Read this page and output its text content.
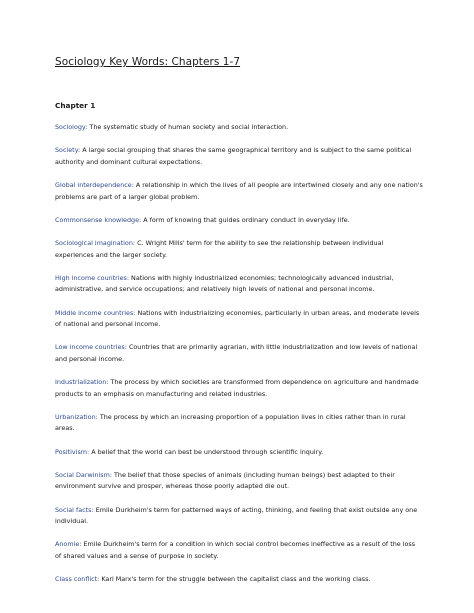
Sociology Key Words: Chapters 1-7
Chapter 1

Sociology: The systematic study of human society and social interaction.

Society: A large social grouping that shares the same geographical territory and is subject to the same political authority and dominant cultural expectations.

Global interdependence: A relationship in which the lives of all people are intertwined closely and any one nation's problems are part of a larger global problem.

Commonsense knowledge: A form of knowing that guides ordinary conduct in everyday life.

Sociological imagination: C. Wright Mills' term for the ability to see the relationship between individual experiences and the larger society.

High income countries: Nations with highly industrialized economies; technologically advanced industrial, administrative, and service occupations; and relatively high levels of national and personal income.

Middle income countries: Nations with industrializing economies, particularly in urban areas, and moderate levels of national and personal income.

Low income countries: Countries that are primarily agrarian, with little industrialization and low levels of national and personal income.

Industrialization: The process by which societies are transformed from dependence on agriculture and handmade products to an emphasis on manufacturing and related industries.

Urbanization: The process by which an increasing proportion of a population lives in cities rather than in rural areas.

Positivism: A belief that the world can best be understood through scientific inquiry.

Social Darwinism: The belief that those species of animals (including human beings) best adapted to their environment survive and prosper, whereas those poorly adapted die out.

Social facts: Emile Durkheim's term for patterned ways of acting, thinking, and feeling that exist outside any one individual.

Anomie: Emile Durkheim's term for a condition in which social control becomes ineffective as a result of the loss of shared values and a sense of purpose in society.

Class conflict: Karl Marx's term for the struggle between the capitalist class and the working class.
